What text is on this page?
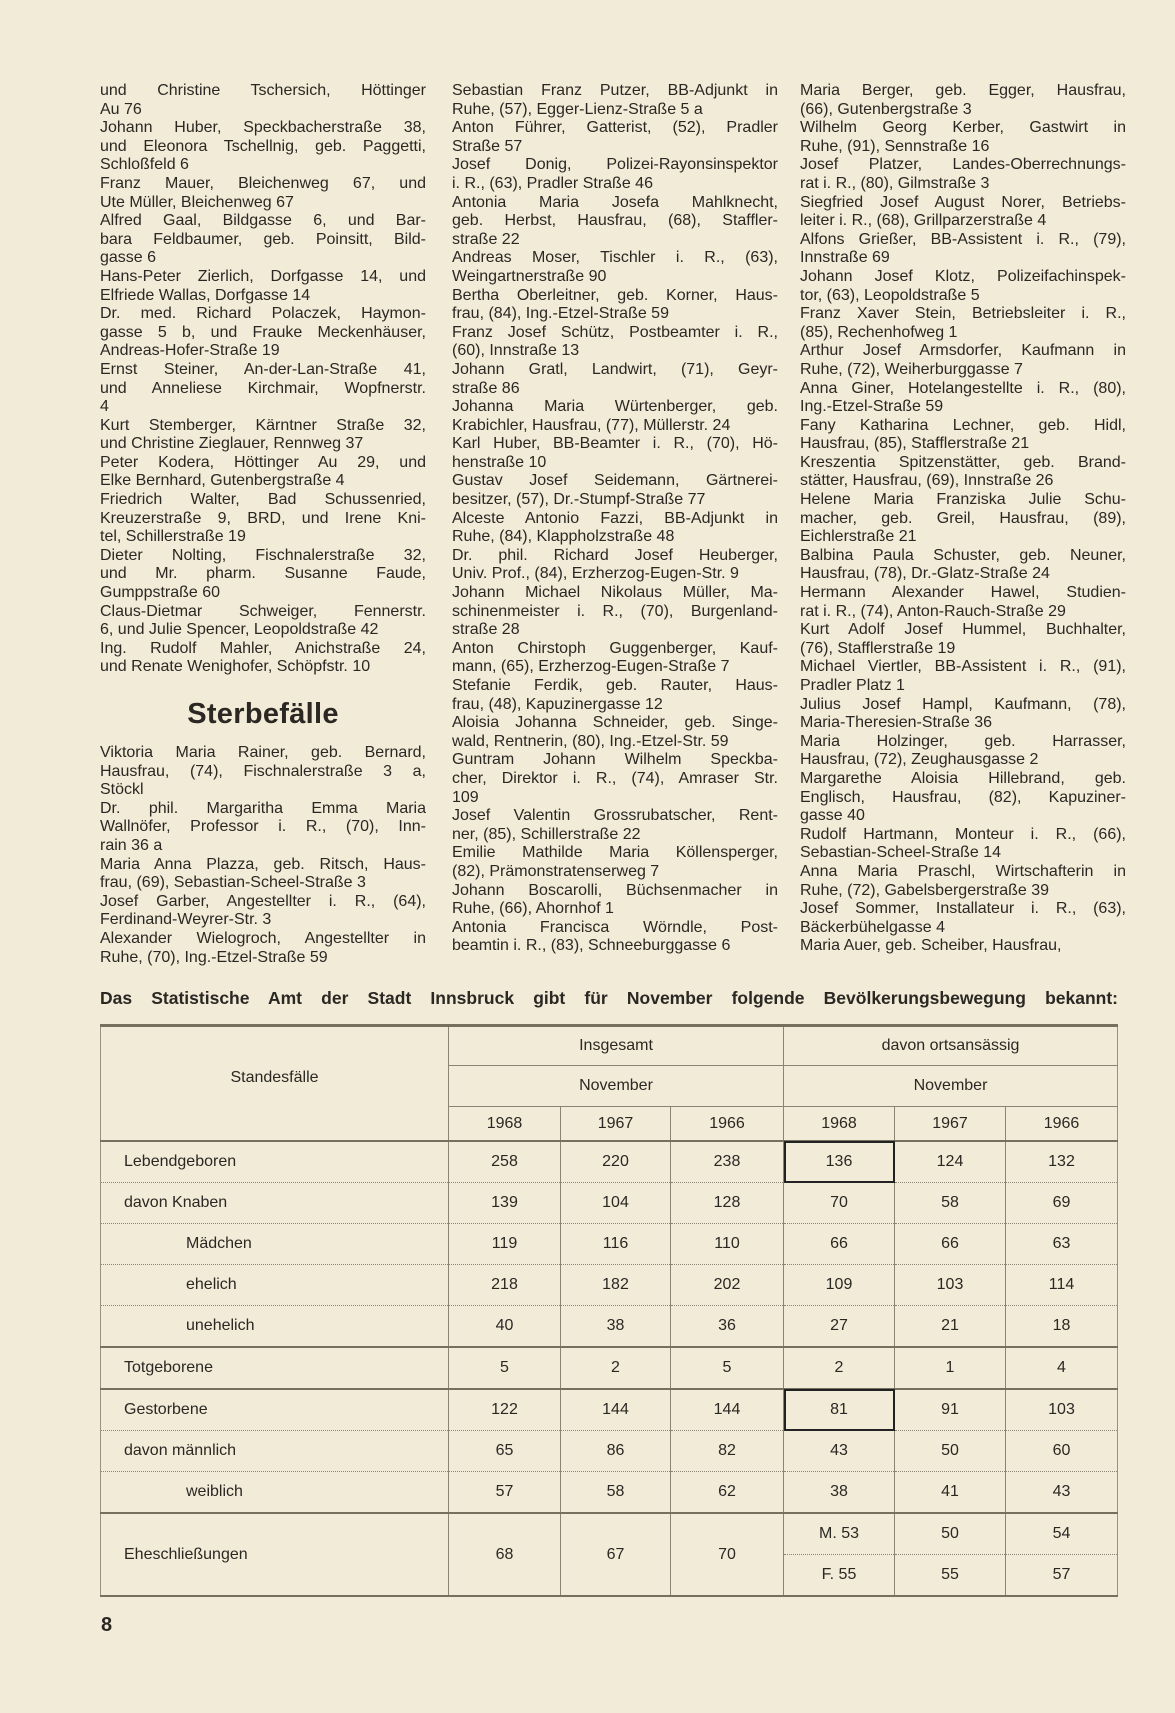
und Christine Tschersich, Höttinger
Au 76
Johann Huber, Speckbacherstraße 38,
und Eleonora Tschellnig, geb. Paggetti,
Schloßfeld 6
Franz Mauer, Bleichenweg 67, und
Ute Müller, Bleichenweg 67
Alfred Gaal, Bildgasse 6, und Bar-
bara Feldbaumer, geb. Poinsitt, Bild-
gasse 6
Hans-Peter Zierlich, Dorfgasse 14, und
Elfriede Wallas, Dorfgasse 14
Dr. med. Richard Polaczek, Haymon-
gasse 5 b, und Frauke Meckenhäuser,
Andreas-Hofer-Straße 19
Ernst Steiner, An-der-Lan-Straße 41,
und Anneliese Kirchmair, Wopfnerstr.
4
Kurt Stemberger, Kärntner Straße 32,
und Christine Zieglauer, Rennweg 37
Peter Kodera, Höttinger Au 29, und
Elke Bernhard, Gutenbergstraße 4
Friedrich Walter, Bad Schussenried,
Kreuzerstraße 9, BRD, und Irene Kni-
tel, Schillerstraße 19
Dieter Nolting, Fischnalerstraße 32,
und Mr. pharm. Susanne Faude,
Gumppstraße 60
Claus-Dietmar Schweiger, Fennerstr.
6, und Julie Spencer, Leopoldstraße 42
Ing. Rudolf Mahler, Anichstraße 24,
und Renate Wenighofer, Schöpfstr. 10
Sterbefälle
Viktoria Maria Rainer, geb. Bernard,
Hausfrau, (74), Fischnalerstraße 3 a,
Stöckl
Dr. phil. Margaritha Emma Maria
Wallnöfer, Professor i. R., (70), Inn-
rain 36 a
Maria Anna Plazza, geb. Ritsch, Haus-
frau, (69), Sebastian-Scheel-Straße 3
Josef Garber, Angestellter i. R., (64),
Ferdinand-Weyrer-Str. 3
Alexander Wielogroch, Angestellter in
Ruhe, (70), Ing.-Etzel-Straße 59
Sebastian Franz Putzer, BB-Adjunkt in
Ruhe, (57), Egger-Lienz-Straße 5 a
Anton Führer, Gatterist, (52), Pradler
Straße 57
Josef Donig, Polizei-Rayonsinspektor
i. R., (63), Pradler Straße 46
Antonia Maria Josefa Mahlknecht,
geb. Herbst, Hausfrau, (68), Staffler-
straße 22
Andreas Moser, Tischler i. R., (63),
Weingartnerstraße 90
Bertha Oberleitner, geb. Korner, Haus-
frau, (84), Ing.-Etzel-Straße 59
Franz Josef Schütz, Postbeamter i. R.,
(60), Innstraße 13
Johann Gratl, Landwirt, (71), Geyr-
straße 86
Johanna Maria Würtenberger, geb.
Krabichler, Hausfrau, (77), Müllerstr. 24
Karl Huber, BB-Beamter i. R., (70), Hö-
henstraße 10
Gustav Josef Seidemann, Gärtnerei-
besitzer, (57), Dr.-Stumpf-Straße 77
Alceste Antonio Fazzi, BB-Adjunkt in
Ruhe, (84), Klappholzstraße 48
Dr. phil. Richard Josef Heuberger,
Univ. Prof., (84), Erzherzog-Eugen-Str. 9
Johann Michael Nikolaus Müller, Ma-
schinenmeister i. R., (70), Burgenland-
straße 28
Anton Chirstoph Guggenberger, Kauf-
mann, (65), Erzherzog-Eugen-Straße 7
Stefanie Ferdik, geb. Rauter, Haus-
frau, (48), Kapuzinergasse 12
Aloisia Johanna Schneider, geb. Singe-
wald, Rentnerin, (80), Ing.-Etzel-Str. 59
Guntram Johann Wilhelm Speckba-
cher, Direktor i. R., (74), Amraser Str.
109
Josef Valentin Grossrubatscher, Rent-
ner, (85), Schillerstraße 22
Emilie Mathilde Maria Köllensperger,
(82), Prämonstratenserweg 7
Johann Boscarolli, Büchsenmacher in
Ruhe, (66), Ahornhof 1
Antonia Francisca Wörndle, Post-
beamtin i. R., (83), Schneeburggasse 6
Maria Berger, geb. Egger, Hausfrau,
(66), Gutenbergstraße 3
Wilhelm Georg Kerber, Gastwirt in
Ruhe, (91), Sennstraße 16
Josef Platzer, Landes-Oberrechnungs-
rat i. R., (80), Gilmstraße 3
Siegfried Josef August Norer, Betriebs-
leiter i. R., (68), Grillparzerstraße 4
Alfons Grießer, BB-Assistent i. R., (79),
Innstraße 69
Johann Josef Klotz, Polizeifachinspek-
tor, (63), Leopoldstraße 5
Franz Xaver Stein, Betriebsleiter i. R.,
(85), Rechenhofweg 1
Arthur Josef Armsdorfer, Kaufmann in
Ruhe, (72), Weiherburggasse 7
Anna Giner, Hotelangestellte i. R., (80),
Ing.-Etzel-Straße 59
Fany Katharina Lechner, geb. Hidl,
Hausfrau, (85), Stafflerstraße 21
Kreszentia Spitzenstätter, geb. Brand-
stätter, Hausfrau, (69), Innstraße 26
Helene Maria Franziska Julie Schu-
macher, geb. Greil, Hausfrau, (89),
Eichlerstraße 21
Balbina Paula Schuster, geb. Neuner,
Hausfrau, (78), Dr.-Glatz-Straße 24
Hermann Alexander Hawel, Studien-
rat i. R., (74), Anton-Rauch-Straße 29
Kurt Adolf Josef Hummel, Buchhalter,
(76), Stafflerstraße 19
Michael Viertler, BB-Assistent i. R., (91),
Pradler Platz 1
Julius Josef Hampl, Kaufmann, (78),
Maria-Theresien-Straße 36
Maria Holzinger, geb. Harrasser,
Hausfrau, (72), Zeughausgasse 2
Margarethe Aloisia Hillebrand, geb.
Englisch, Hausfrau, (82), Kapuziner-
gasse 40
Rudolf Hartmann, Monteur i. R., (66),
Sebastian-Scheel-Straße 14
Anna Maria Praschl, Wirtschafterin in
Ruhe, (72), Gabelsbergerstraße 39
Josef Sommer, Installateur i. R., (63),
Bäckerbühelgasse 4
Maria Auer, geb. Scheiber, Hausfrau,
Das Statistische Amt der Stadt Innsbruck gibt für November folgende Bevölkerungsbewegung bekannt:
Standesfälle	Insgesamt			davon ortsansässig		
	November			November		
	1968	1967	1966	1968	1967	1966
Lebendgeboren	258	220	238	136	124	132
davon Knaben	139	104	128	70	58	69
Mädchen	119	116	110	66	66	63
ehelich	218	182	202	109	103	114
unehelich	40	38	36	27	21	18
Totgeborene	5	2	5	2	1	4
Gestorbene	122	144	144	81	91	103
davon männlich	65	86	82	43	50	60
weiblich	57	58	62	38	41	43
Eheschließungen	68	67	70	M. 53	50	54
				F. 55	55	57
8
